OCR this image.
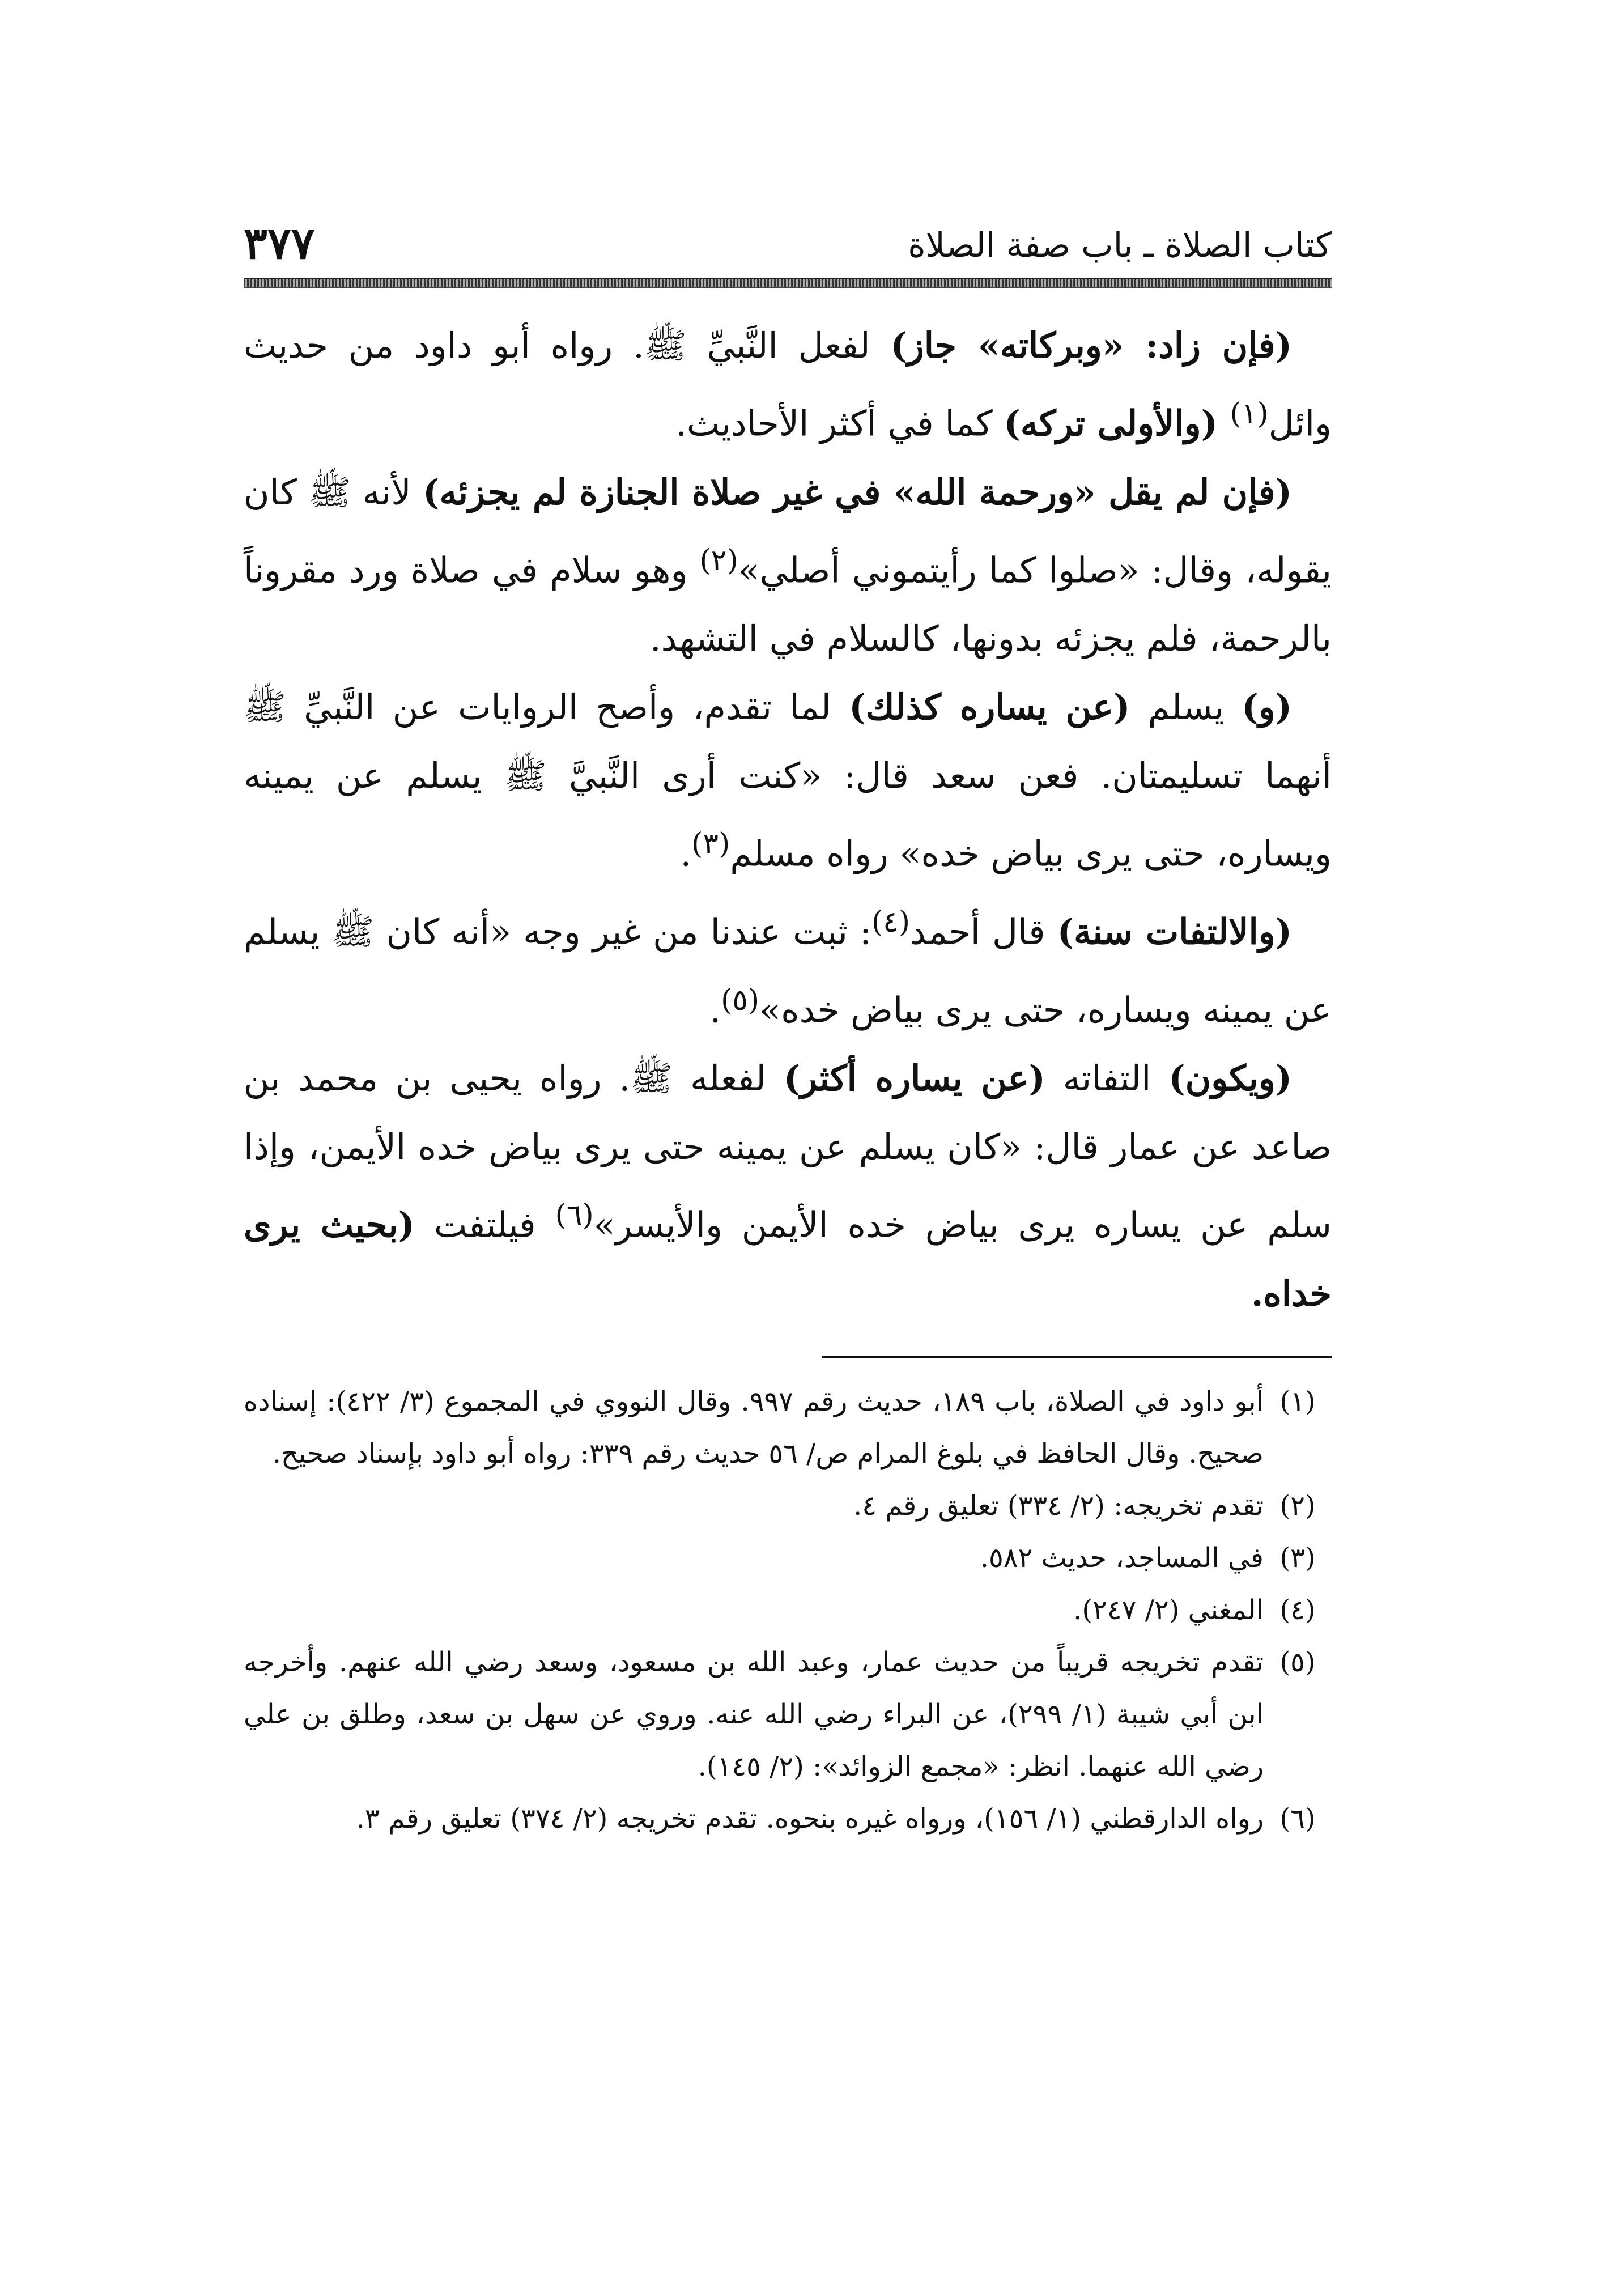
٣٧٧	كتاب الصلاة ـ باب صفة الصلاة

(فإن زاد: «وبركاته» جاز) لفعل النَّبيِّ ﷺ. رواه أبو داود من حديث وائل$^{(١)}$ (والأولى تركه) كما في أكثر الأحاديث.

(فإن لم يقل «ورحمة الله» في غير صلاة الجنازة لم يجزئه) لأنه ﷺ كان يقوله، وقال: «صلوا كما رأيتموني أصلي»$^{(٢)}$ وهو سلام في صلاة ورد مقروناً بالرحمة، فلم يجزئه بدونها، كالسلام في التشهد.

(و) يسلم (عن يساره كذلك) لما تقدم، وأصح الروايات عن النَّبيِّ ﷺ أنهما تسليمتان. فعن سعد قال: «كنت أرى النَّبيَّ ﷺ يسلم عن يمينه ويساره، حتى يرى بياض خده» رواه مسلم$^{(٣)}$.

(والالتفات سنة) قال أحمد$^{(٤)}$: ثبت عندنا من غير وجه «أنه كان ﷺ يسلم عن يمينه ويساره، حتى يرى بياض خده»$^{(٥)}$.

(ويكون) التفاته (عن يساره أكثر) لفعله ﷺ. رواه يحيى بن محمد بن صاعد عن عمار قال: «كان يسلم عن يمينه حتى يرى بياض خده الأيمن، وإذا سلم عن يساره يرى بياض خده الأيمن والأيسر»$^{(٦)}$ فيلتفت (بحيث يرى خداه.

(١)
أبو داود في الصلاة، باب ١٨٩، حديث رقم ٩٩٧. وقال النووي في المجموع (٣/ ٤٢٢): إسناده صحيح. وقال الحافظ في بلوغ المرام ص/ ٥٦ حديث رقم ٣٣٩: رواه أبو داود بإسناد صحيح.
(٢)
تقدم تخريجه: (٢/ ٣٣٤) تعليق رقم ٤.
(٣)
في المساجد، حديث ٥٨٢.
(٤)
المغني (٢/ ٢٤٧).
(٥)
تقدم تخريجه قريباً من حديث عمار، وعبد الله بن مسعود، وسعد رضي الله عنهم. وأخرجه ابن أبي شيبة (١/ ٢٩٩)، عن البراء رضي الله عنه. وروي عن سهل بن سعد، وطلق بن علي رضي الله عنهما. انظر: «مجمع الزوائد»: (٢/ ١٤٥).
(٦)
رواه الدارقطني (١/ ١٥٦)، ورواه غيره بنحوه. تقدم تخريجه (٢/ ٣٧٤) تعليق رقم ٣.
